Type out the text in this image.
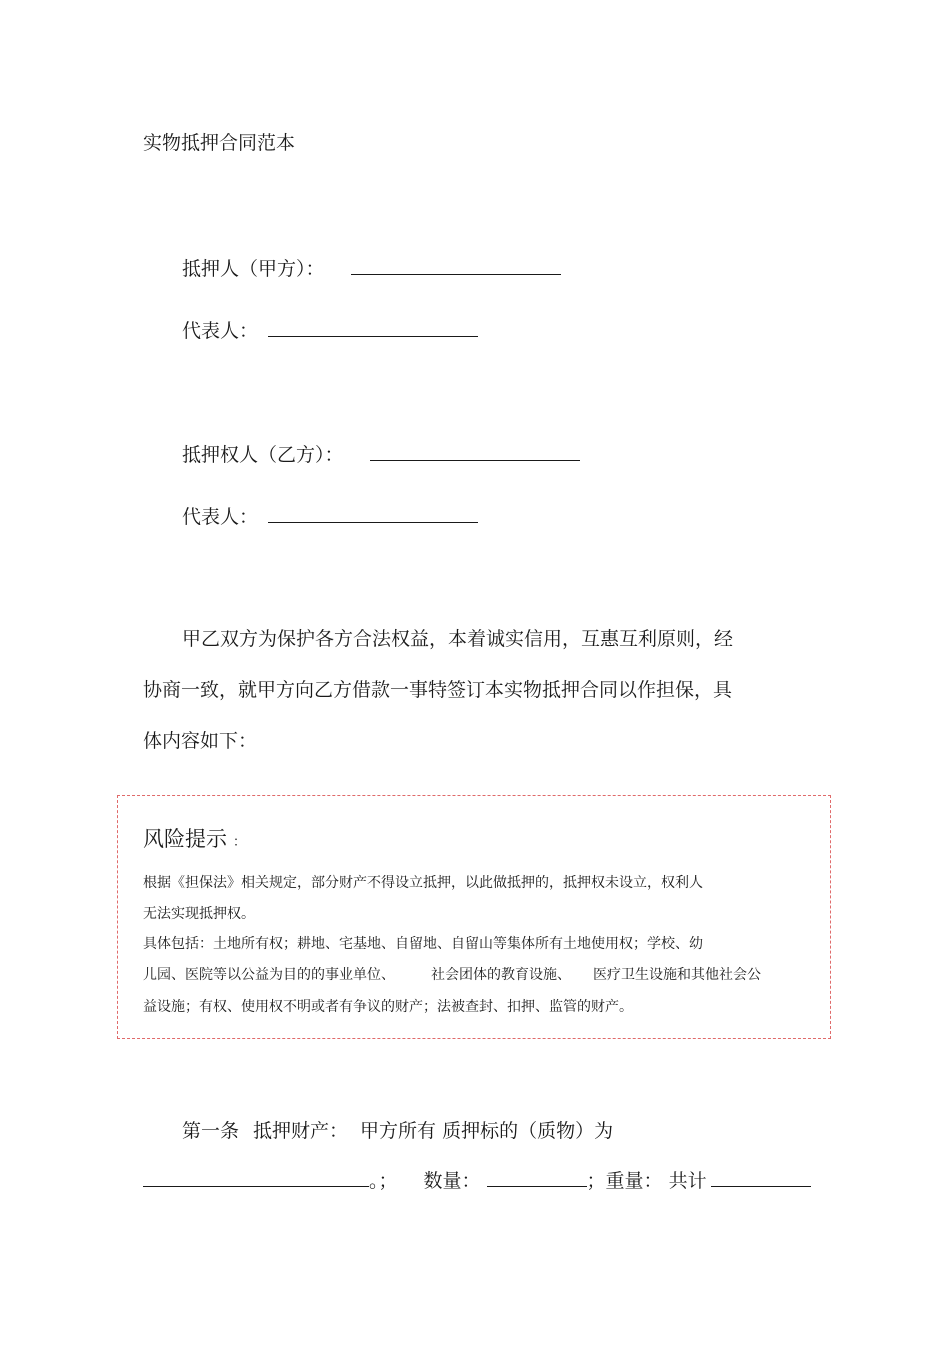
实物抵押合同范本
抵押人（甲方）：
代表人：
抵押权人（乙方）：
代表人：
甲乙双方为保护各方合法权益，本着诚实信用，互惠互利原则，经
协商一致，就甲方向乙方借款一事特签订本实物抵押合同以作担保，具
体内容如下：
风险提示 ：
根据《担保法》相关规定，部分财产不得设立抵押，以此做抵押的，抵押权未设立，权利人
无法实现抵押权。
具体包括：土地所有权；耕地、宅基地、自留地、自留山等集体所有土地使用权；学校、幼
儿园、医院等以公益为目的的事业单位、	社会团体的教育设施、 医疗卫生设施和其他社会公
益设施；有权、使用权不明或者有争议的财产；法被查封、扣押、监管的财产。
第一条 抵押财产： 甲方所有 质押标的（质物）为
。； 数量：	；重量： 共计
